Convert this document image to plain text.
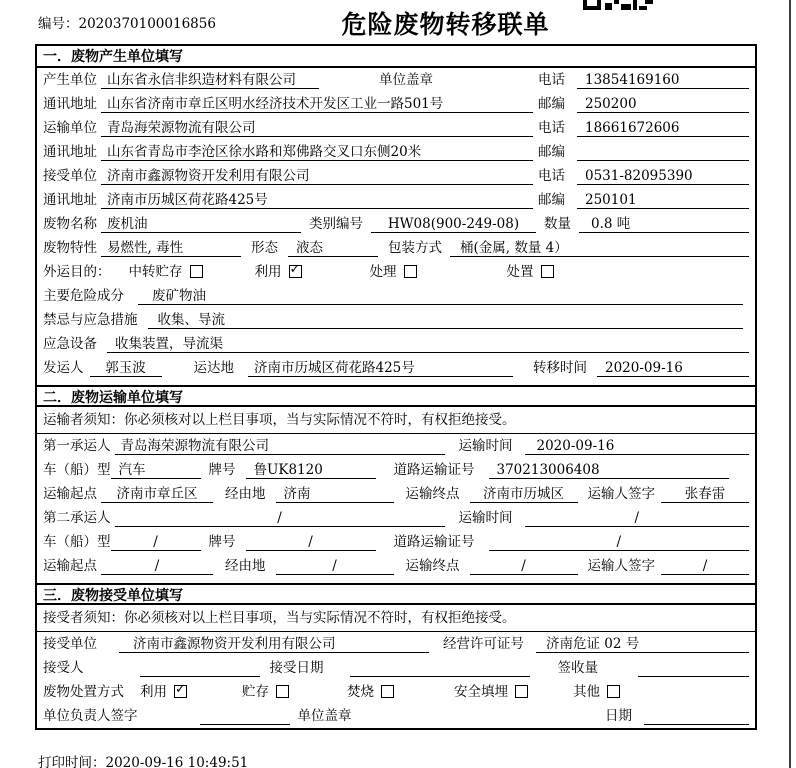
编号：2020370100016856	危险废物转移联单
一．废物产生单位填写
产生单位 山东省永信非织造材料有限公司	单位盖章	电话	13854169160
通讯地址 山东省济南市章丘区明水经济技术开发区工业一路501号	邮编	250200
运输单位 青岛海荣源物流有限公司	电话	18661672606
通讯地址 山东省青岛市李沧区徐水路和郑佛路交叉口东侧20米	邮编
接受单位 济南市鑫源物资开发利用有限公司	电话	0531-82095390
通讯地址 济南市历城区荷花路425号	邮编	250101
废物名称 废机油	类别编号	HW08(900-249-08)	数量	0.8 吨
废物特性 易燃性, 毒性	形态	液态	包装方式	桶(金属, 数量 4）
外运目的： 中转贮存	利用 ✓	处理	处置
主要危险成分	废矿物油
禁忌与应急措施	收集、导流
应急设备	收集装置，导流渠
发运人	郭玉波	运达地	济南市历城区荷花路425号	转移时间	2020-09-16
二．废物运输单位填写
运输者须知： 你必须核对以上栏目事项，当与实际情况不符时，有权拒绝接受。
第一承运人 青岛海荣源物流有限公司	运输时间	2020-09-16
车（船）型 汽车	牌号	鲁UK8120	道路运输证号	370213006408
运输起点	济南市章丘区	经由地	济南	运输终点	济南市历城区	运输人签字	张春雷
第二承运人	/	运输时间	/
车（船）型	/	牌号	/	道路运输证号	/
运输起点	/	经由地	/	运输终点	/	运输人签字	/
三．废物接受单位填写
接受者须知： 你必须核对以上栏目事项，当与实际情况不符时，有权拒绝接受。
接受单位	济南市鑫源物资开发利用有限公司	经营许可证号	济南危证 02 号
接受人	接受日期	签收量
废物处置方式 利用 ✓	贮存	焚烧	安全填埋	其他
单位负责人签字	单位盖章	日期
打印时间：2020-09-16 10:49:51
